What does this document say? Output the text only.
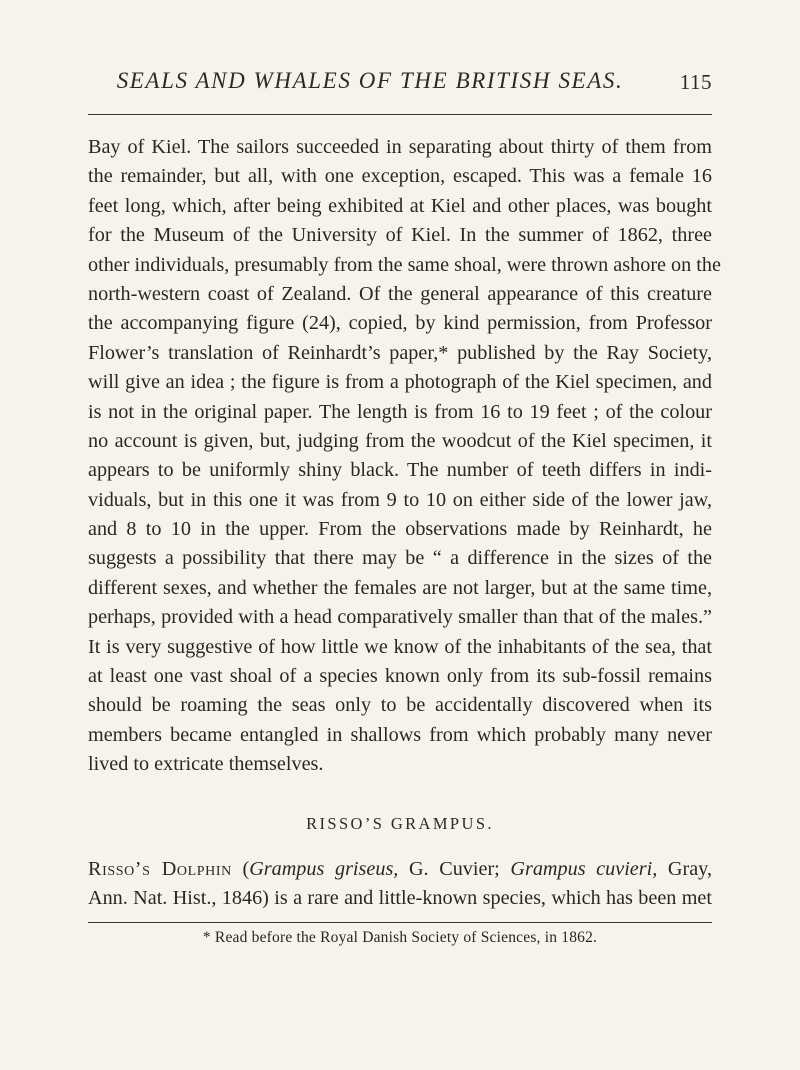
SEALS AND WHALES OF THE BRITISH SEAS.	115
Bay of Kiel. The sailors succeeded in separating about thirty of them from
the remainder, but all, with one exception, escaped. This was a female 16
feet long, which, after being exhibited at Kiel and other places, was bought
for the Museum of the University of Kiel. In the summer of 1862, three
other individuals, presumably from the same shoal, were thrown ashore on the
north-western coast of Zealand. Of the general appearance of this creature
the accompanying figure (24), copied, by kind permission, from Professor
Flower’s translation of Reinhardt’s paper,* published by the Ray Society,
will give an idea ; the figure is from a photograph of the Kiel specimen, and
is not in the original paper. The length is from 16 to 19 feet ; of the colour
no account is given, but, judging from the woodcut of the Kiel specimen, it
appears to be uniformly shiny black. The number of teeth differs in indi-
viduals, but in this one it was from 9 to 10 on either side of the lower jaw,
and 8 to 10 in the upper. From the observations made by Reinhardt, he
suggests a possibility that there may be “ a difference in the sizes of the
different sexes, and whether the females are not larger, but at the same time,
perhaps, provided with a head comparatively smaller than that of the males.”
It is very suggestive of how little we know of the inhabitants of the sea, that
at least one vast shoal of a species known only from its sub-fossil remains
should be roaming the seas only to be accidentally discovered when its
members became entangled in shallows from which probably many never
lived to extricate themselves.
RISSO’S GRAMPUS.
Risso’s Dolphin (Grampus griseus, G. Cuvier; Grampus cuvieri, Gray,
Ann. Nat. Hist., 1846) is a rare and little-known species, which has been met
* Read before the Royal Danish Society of Sciences, in 1862.
